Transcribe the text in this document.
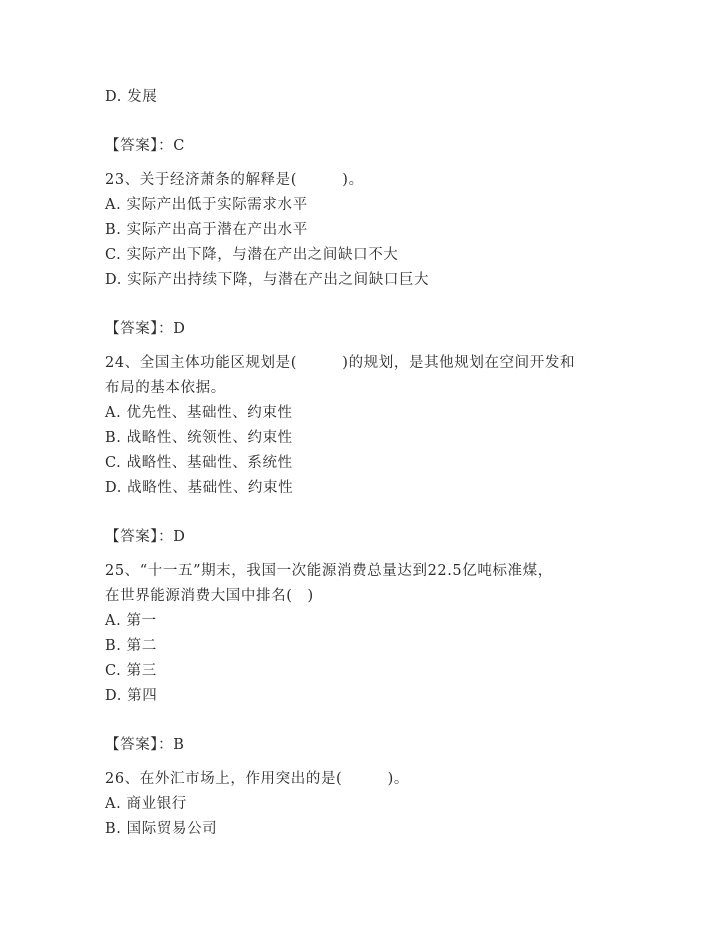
D. 发展
【答案】：C
23、关于经济萧条的解释是(　　　)。
A. 实际产出低于实际需求水平
B. 实际产出高于潜在产出水平
C. 实际产出下降，与潜在产出之间缺口不大
D. 实际产出持续下降，与潜在产出之间缺口巨大
【答案】：D
24、全国主体功能区规划是(　　　)的规划，是其他规划在空间开发和
布局的基本依据。
A. 优先性、基础性、约束性
B. 战略性、统领性、约束性
C. 战略性、基础性、系统性
D. 战略性、基础性、约束性
【答案】：D
25、“十一五”期末，我国一次能源消费总量达到22.5亿吨标准煤，
在世界能源消费大国中排名(　)
A. 第一
B. 第二
C. 第三
D. 第四
【答案】：B
26、在外汇市场上，作用突出的是(　　　)。
A. 商业银行
B. 国际贸易公司
